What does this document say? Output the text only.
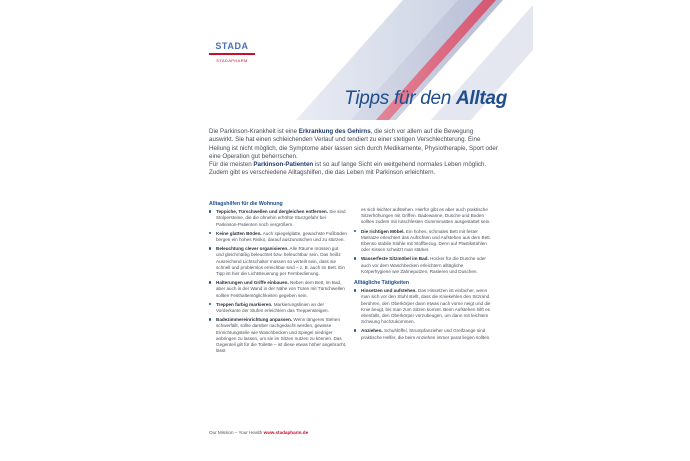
STADA
STADAPHARM
Tipps für den Alltag
Die Parkinson-Krankheit ist eine Erkrankung des Gehirns, die sich vor allem auf die Bewegung auswirkt. Sie hat einen schleichenden Verlauf und tendiert zu einer stetigen Verschlechterung. Eine Heilung ist nicht möglich, die Symptome aber lassen sich durch Medikamente, Physiotherapie, Sport oder eine Operation gut beherrschen.
Für die meisten Parkinson-Patienten ist so auf lange Sicht ein weitgehend normales Leben möglich. Zudem gibt es verschiedene Alltagshilfen, die das Leben mit Parkinson erleichtern.
Alltagshilfen für die Wohnung
Teppiche, Türschwellen und dergleichen entfernen. Sie sind Stolpersteine, die die ohnehin erhöhte Sturzgefahr bei Parkinson-Patienten noch vergrößern.
Keine glatten Böden. Auch spiegelglatte, gewachste Fußböden bergen ein hohes Risiko, darauf auszurutschen und zu stürzen.
Beleuchtung clever organisieren. Alle Räume müssen gut und gleichmäßig beleuchtet bzw. beleuchtbar sein. Das heißt: Ausreichend Lichtschalter müssen so verteilt sein, dass sie schnell und problemlos erreichbar sind – z. B. auch im Bett. Ein Tipp ist hier die Lichtsteuerung per Fernbedienung.
Halterungen und Griffe einbauen. Neben dem Bett, im Bad, aber auch in der Wand in der Nähe von Türen mit Türschwellen sollten Festhaltemöglichkeiten gegeben sein.
Treppen farbig markieren. Markierungslinien an der Vorderkante der Stufen erleichtern das Treppensteigen.
Badezimmereinrichtung anpassen. Wenn längeres Stehen schwerfällt, sollte darüber nachgedacht werden, gewisse Einrichtungsteile wie Waschbecken und Spiegel niedriger anbringen zu lassen, um sie im Sitzen nutzen zu können. Das Gegenteil gilt für die Toilette – ist diese etwas höher angebracht, lässt
es sich leichter aufstehen. Hierfür gibt es aber auch praktische Sitzerhöhungen mit Griffen. Badewanne, Dusche und Boden sollten zudem mit rutschfesten Gummimatten ausgestattet sein.
Die richtigen Möbel. Ein hohes, schmales Bett mit fester Matratze erleichtert das Aufrichten und Aufstehen aus dem Bett. Ebenso stabile Stühle mit Stoffbezug. Denn auf Plastikstühlen oder Kissen schwitzt man stärker.
Wasserfeste Sitzmöbel im Bad. Hocker für die Dusche oder auch vor dem Waschbecken erleichtern alltägliche Körperhygiene wie Zähneputzen, Rasieren und Duschen.
Alltägliche Tätigkeiten
Hinsetzen und aufstehen. Das Hinsetzen ist einfacher, wenn man sich vor den Stuhl stellt, dass die Kniekehlen den Sitzrand berühren, den Oberkörper dann etwas nach vorne neigt und die Knie beugt, bis man zum Sitzen kommt. Beim Aufstehen hilft es ebenfalls, den Oberkörper vorzubeugen, um dann mit leichtem Schwung hochzukommen.
Anziehen. Schuhlöffel, Strumpfanzieher und Greifzange sind praktische Helfer, die beim Anziehen immer parat liegen sollten.
Our Mission – Your Health www.stadapharm.de
